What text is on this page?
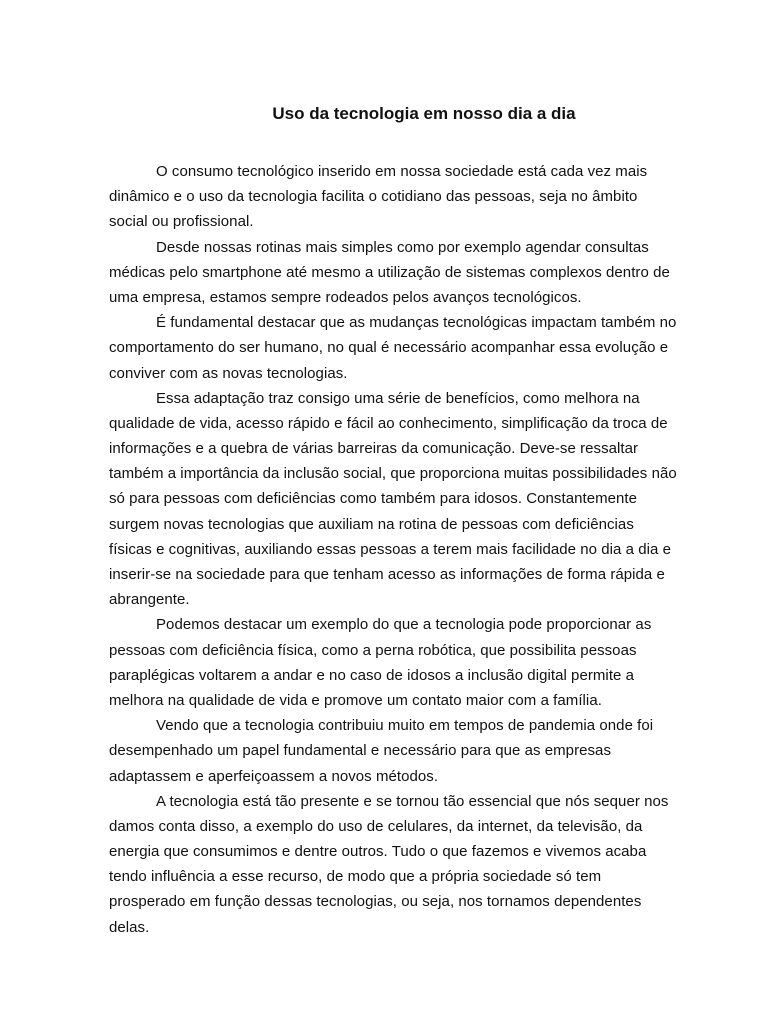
Uso da tecnologia em nosso dia a dia
O consumo tecnológico inserido em nossa sociedade está cada vez mais
dinâmico e o uso da tecnologia facilita o cotidiano das pessoas, seja no âmbito
social ou profissional.
Desde nossas rotinas mais simples como por exemplo agendar consultas
médicas pelo smartphone até mesmo a utilização de sistemas complexos dentro de
uma empresa, estamos sempre rodeados pelos avanços tecnológicos.
É fundamental destacar que as mudanças tecnológicas impactam também no
comportamento do ser humano, no qual é necessário acompanhar essa evolução e
conviver com as novas tecnologias.
Essa adaptação traz consigo uma série de benefícios, como melhora na
qualidade de vida, acesso rápido e fácil ao conhecimento, simplificação da troca de
informações e a quebra de várias barreiras da comunicação. Deve-se ressaltar
também a importância da inclusão social, que proporciona muitas possibilidades não
só para pessoas com deficiências como também para idosos. Constantemente
surgem novas tecnologias que auxiliam na rotina de pessoas com deficiências
físicas e cognitivas, auxiliando essas pessoas a terem mais facilidade no dia a dia e
inserir-se na sociedade para que tenham acesso as informações de forma rápida e
abrangente.
Podemos destacar um exemplo do que a tecnologia pode proporcionar as
pessoas com deficiência física, como a perna robótica, que possibilita pessoas
paraplégicas voltarem a andar e no caso de idosos a inclusão digital permite a
melhora na qualidade de vida e promove um contato maior com a família.
Vendo que a tecnologia contribuiu muito em tempos de pandemia onde foi
desempenhado um papel fundamental e necessário para que as empresas
adaptassem e aperfeiçoassem a novos métodos.
A tecnologia está tão presente e se tornou tão essencial que nós sequer nos
damos conta disso, a exemplo do uso de celulares, da internet, da televisão, da
energia que consumimos e dentre outros. Tudo o que fazemos e vivemos acaba
tendo influência a esse recurso, de modo que a própria sociedade só tem
prosperado em função dessas tecnologias, ou seja, nos tornamos dependentes
delas.
